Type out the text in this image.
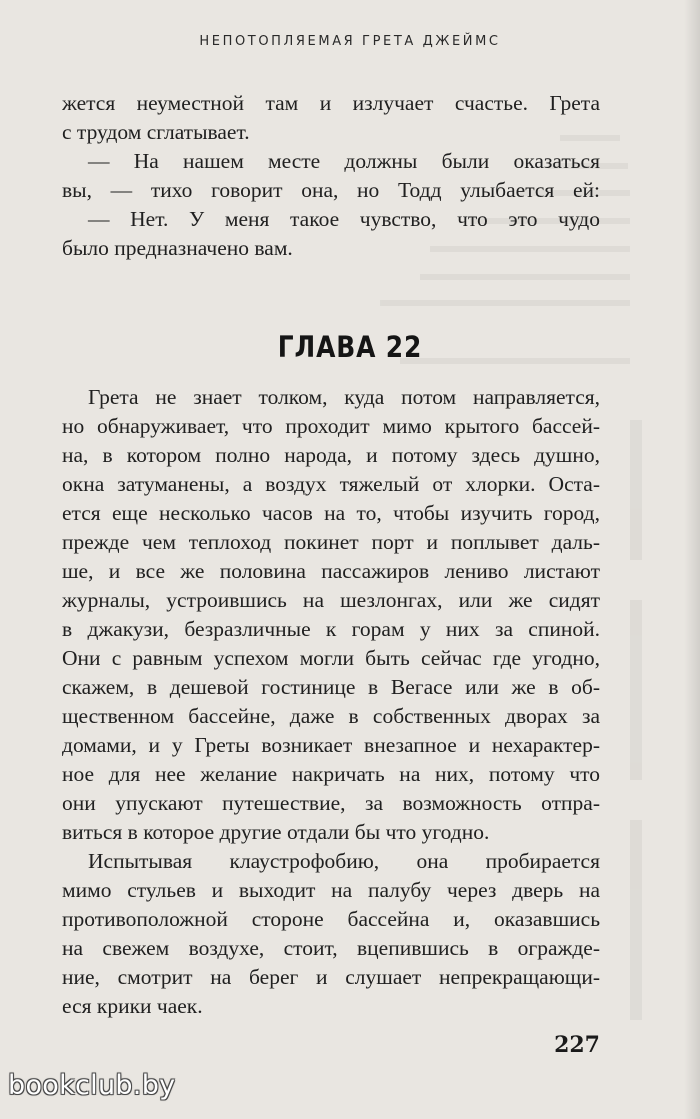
НЕПОТОПЛЯЕМАЯ ГРЕТА ДЖЕЙМС
жется неуместной там и излучает счастье. Грета
с трудом сглатывает.
— На нашем месте должны были оказаться
вы, — тихо говорит она, но Тодд улыбается ей:
— Нет. У меня такое чувство, что это чудо
было предназначено вам.
ГЛАВА 22
Грета не знает толком, куда потом направляется,
но обнаруживает, что проходит мимо крытого бассей-
на, в котором полно народа, и потому здесь душно,
окна затуманены, а воздух тяжелый от хлорки. Оста-
ется еще несколько часов на то, чтобы изучить город,
прежде чем теплоход покинет порт и поплывет даль-
ше, и все же половина пассажиров лениво листают
журналы, устроившись на шезлонгах, или же сидят
в джакузи, безразличные к горам у них за спиной.
Они с равным успехом могли быть сейчас где угодно,
скажем, в дешевой гостинице в Вегасе или же в об-
щественном бассейне, даже в собственных дворах за
домами, и у Греты возникает внезапное и нехарактер-
ное для нее желание накричать на них, потому что
они упускают путешествие, за возможность отпра-
виться в которое другие отдали бы что угодно.
Испытывая клаустрофобию, она пробирается
мимо стульев и выходит на палубу через дверь на
противоположной стороне бассейна и, оказавшись
на свежем воздухе, стоит, вцепившись в огражде-
ние, смотрит на берег и слушает непрекращающи-
еся крики чаек.
227
bookclub.by
